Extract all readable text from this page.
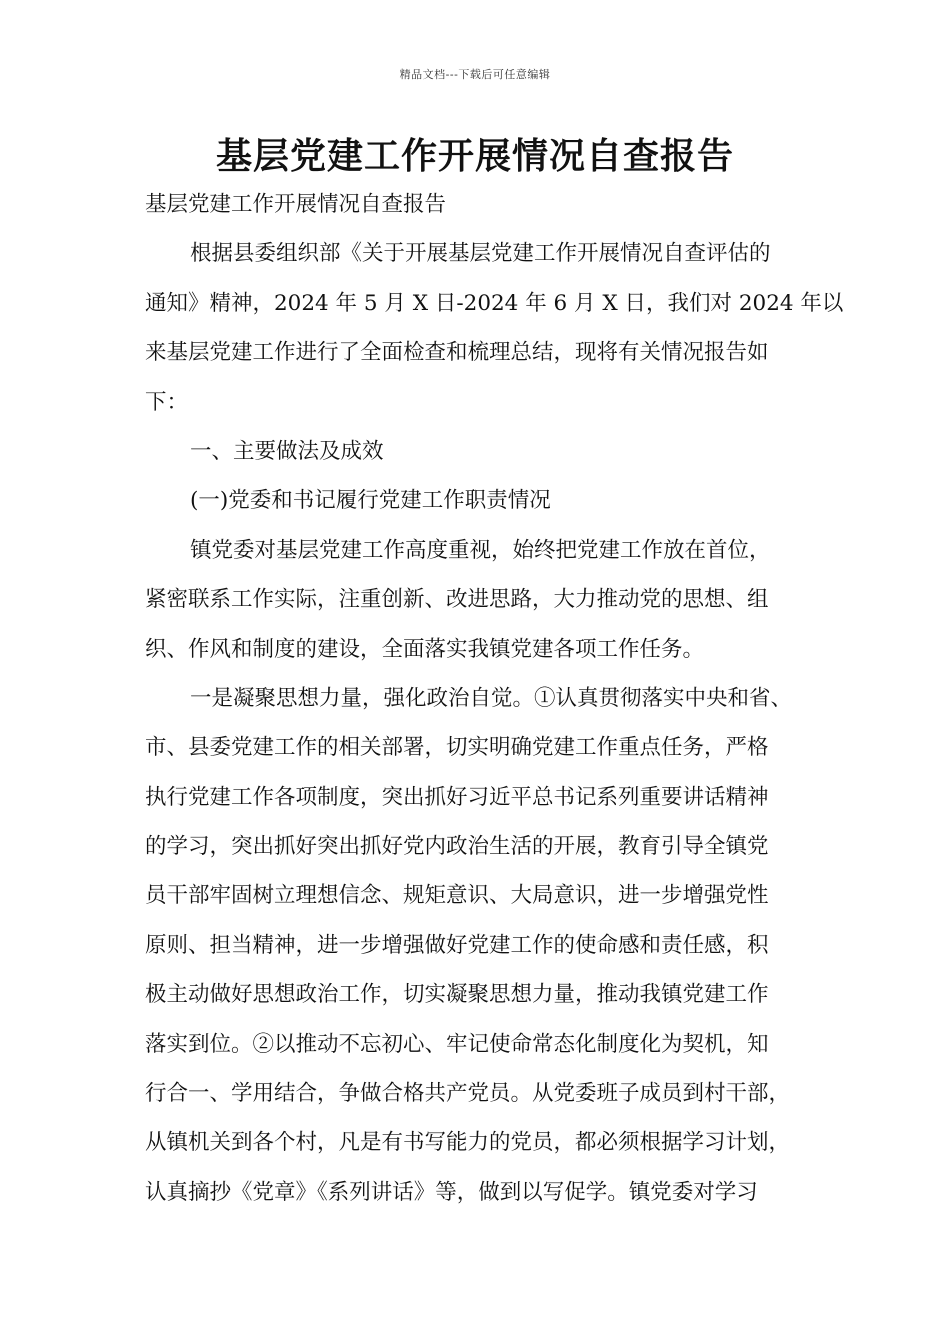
精品文档---下载后可任意编辑
基层党建工作开展情况自查报告
基层党建工作开展情况自查报告
根据县委组织部《关于开展基层党建工作开展情况自查评估的
通知》精神，2024 年 5 月 X 日-2024 年 6 月 X 日，我们对 2024 年以
来基层党建工作进行了全面检查和梳理总结，现将有关情况报告如
下：
一、主要做法及成效
(一)党委和书记履行党建工作职责情况
镇党委对基层党建工作高度重视，始终把党建工作放在首位，
紧密联系工作实际，注重创新、改进思路，大力推动党的思想、组
织、作风和制度的建设，全面落实我镇党建各项工作任务。
一是凝聚思想力量，强化政治自觉。①认真贯彻落实中央和省、
市、县委党建工作的相关部署，切实明确党建工作重点任务，严格
执行党建工作各项制度，突出抓好习近平总书记系列重要讲话精神
的学习，突出抓好突出抓好党内政治生活的开展，教育引导全镇党
员干部牢固树立理想信念、规矩意识、大局意识，进一步增强党性
原则、担当精神，进一步增强做好党建工作的使命感和责任感，积
极主动做好思想政治工作，切实凝聚思想力量，推动我镇党建工作
落实到位。②以推动不忘初心、牢记使命常态化制度化为契机，知
行合一、学用结合，争做合格共产党员。从党委班子成员到村干部，
从镇机关到各个村，凡是有书写能力的党员，都必须根据学习计划，
认真摘抄《党章》《系列讲话》等，做到以写促学。镇党委对学习
